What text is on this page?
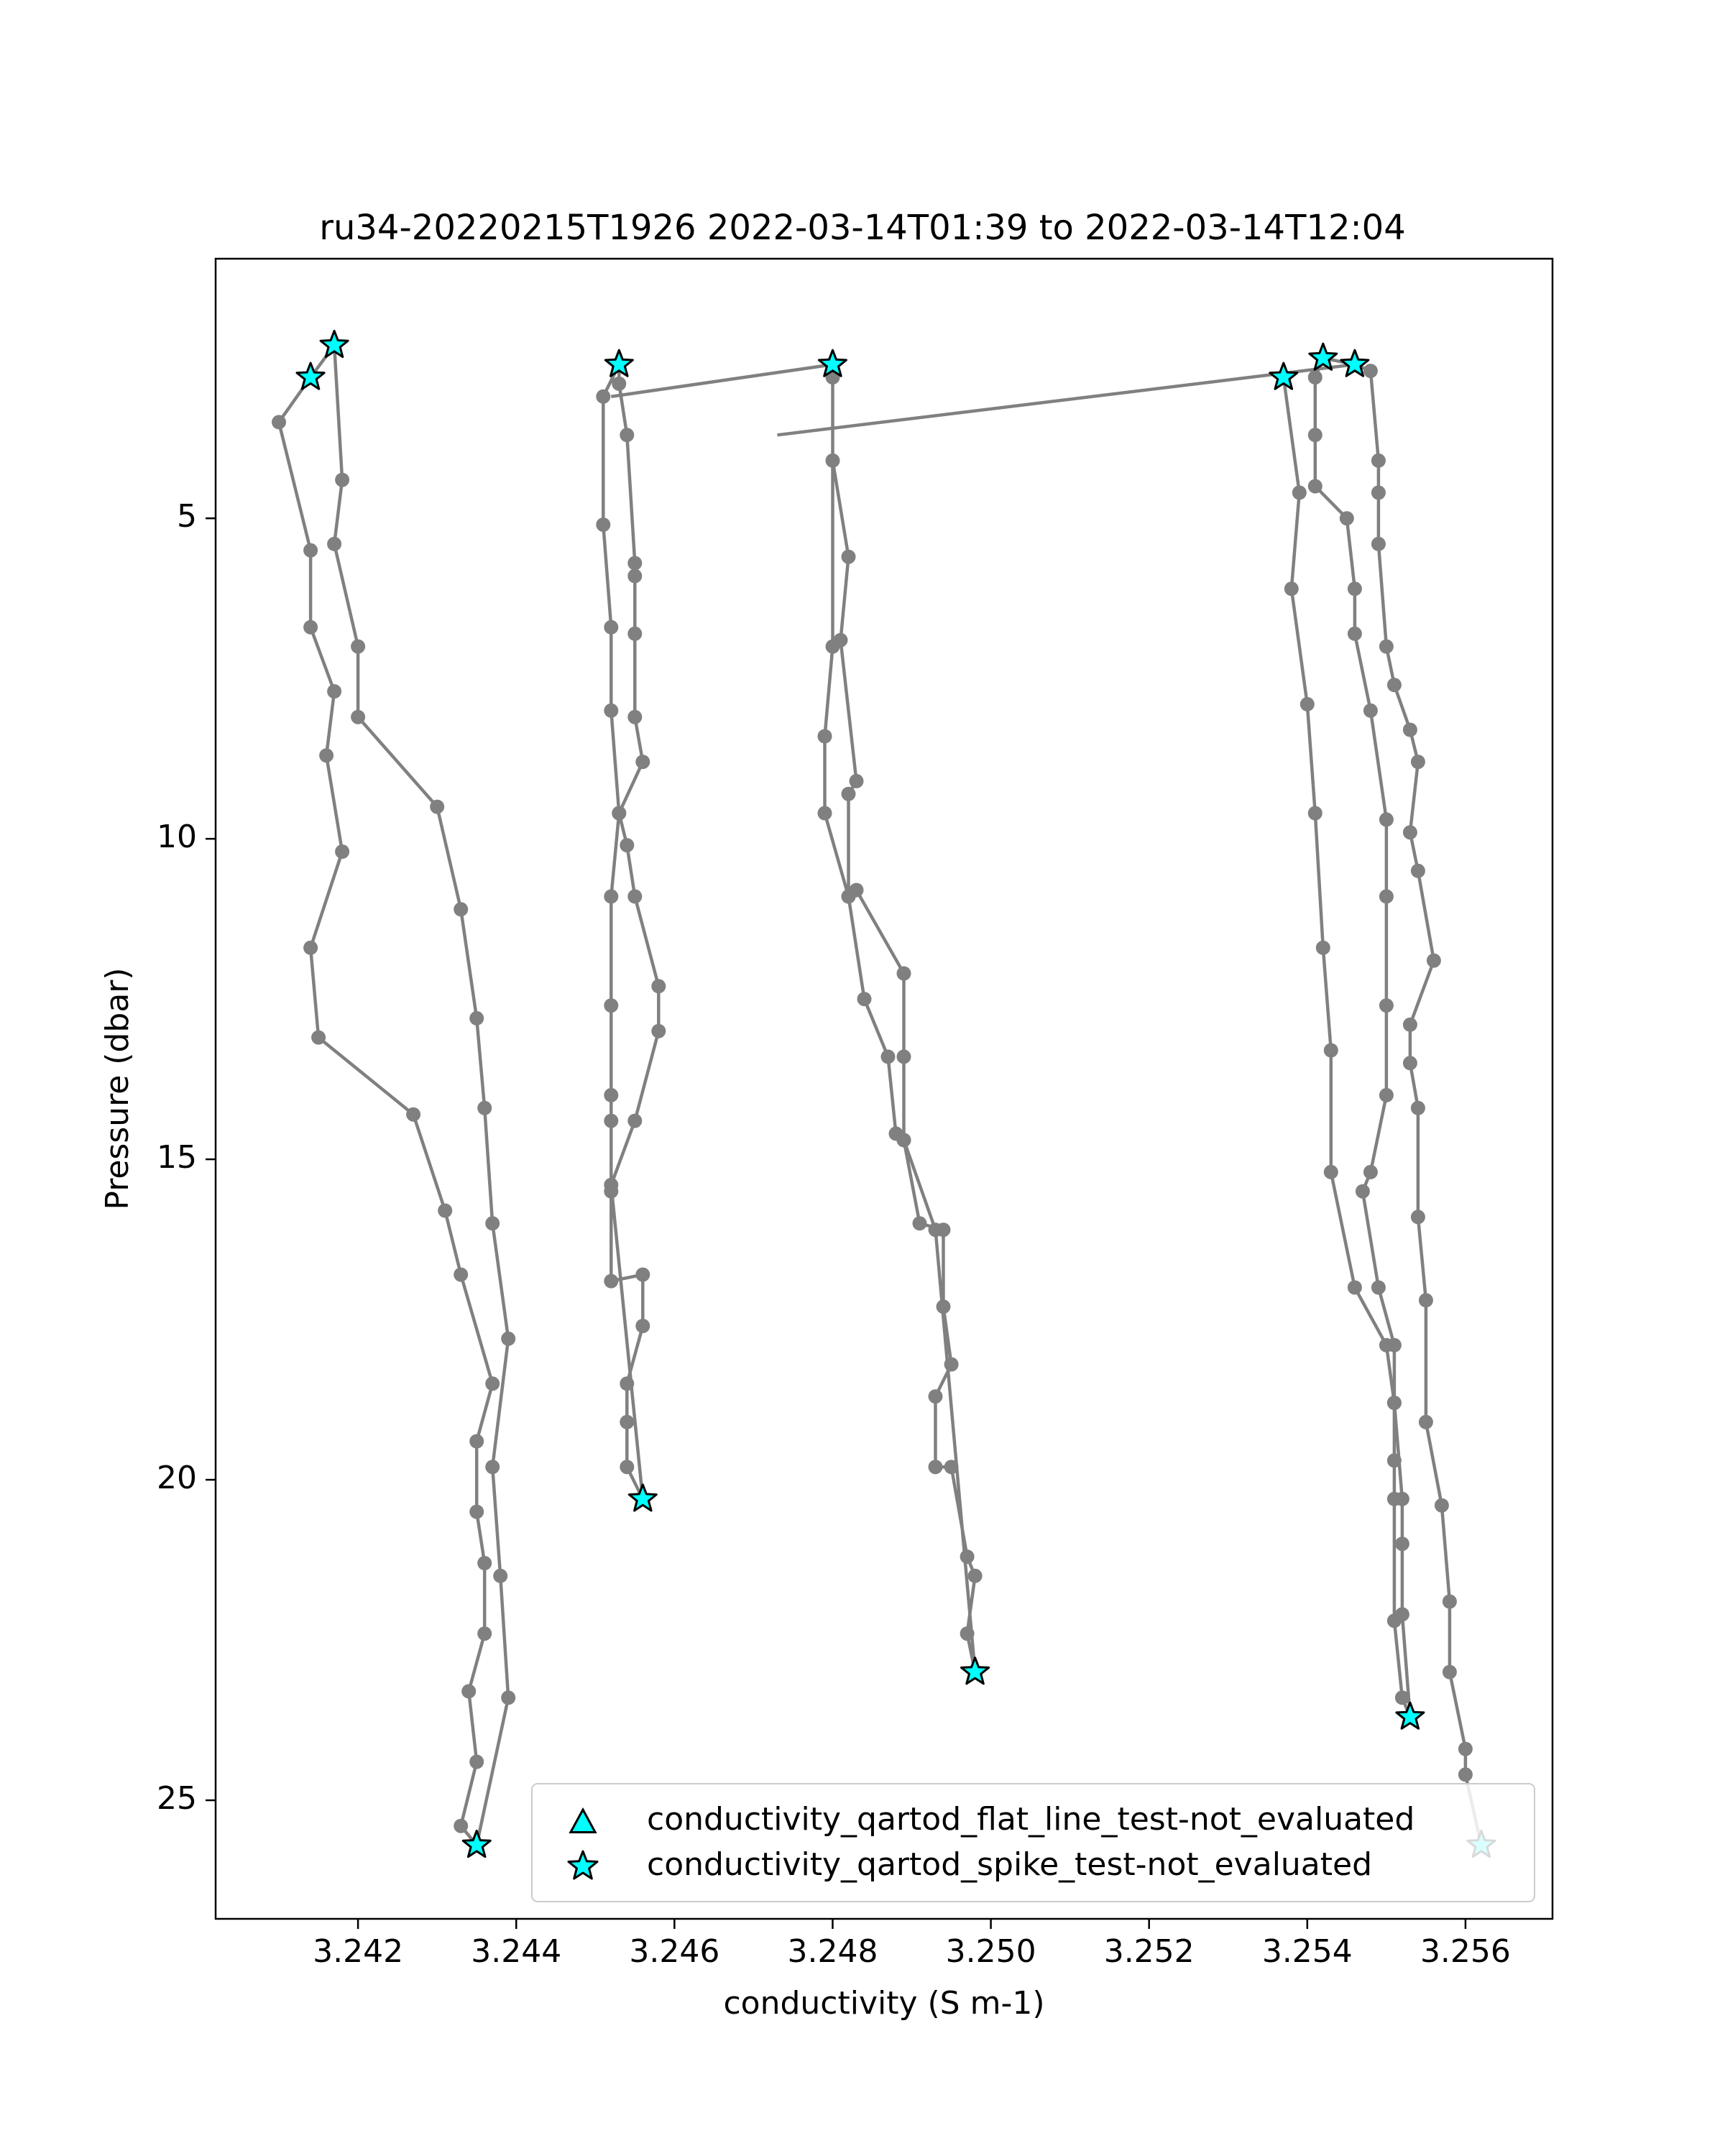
ru34-20220215T1926 2022-03-14T01:39 to 2022-03-14T12:04
3.242 3.244 3.246 3.248 3.250 3.252 3.254 3.256
5
10
15
20
25
conductivity (S m-1)
Pressure (dbar)
conductivity_qartod_flat_line_test-not_evaluated
conductivity_qartod_spike_test-not_evaluated
